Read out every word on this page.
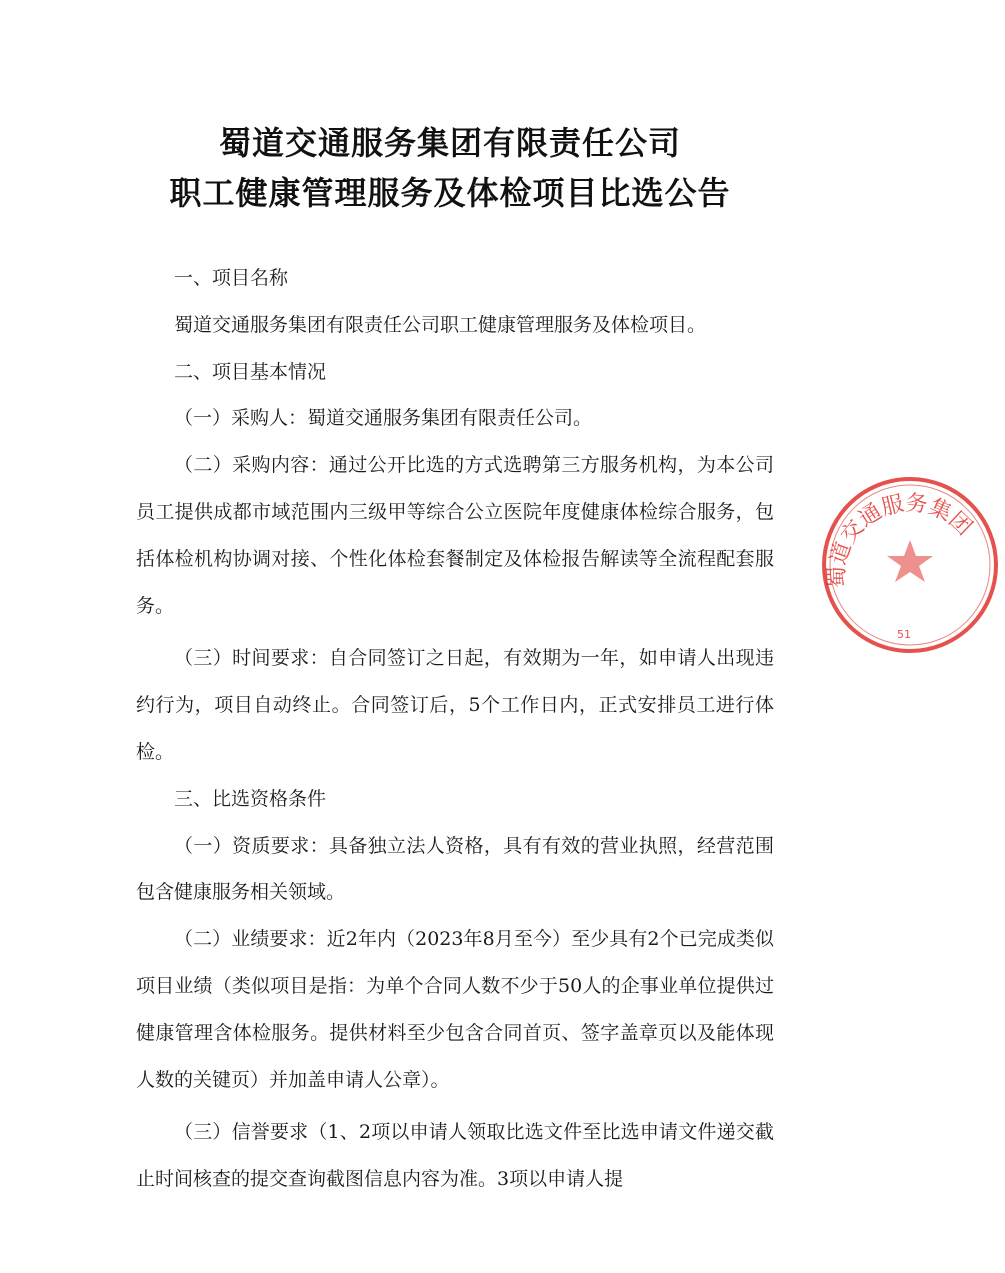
蜀道交通服务集团有限责任公司
职工健康管理服务及体检项目比选公告

一、项目名称

蜀道交通服务集团有限责任公司职工健康管理服务及体检项目。

二、项目基本情况

（一）采购人：蜀道交通服务集团有限责任公司。

（二）采购内容：通过公开比选的方式选聘第三方服务机构，为本公司员工提供成都市域范围内三级甲等综合公立医院年度健康体检综合服务，包括体检机构协调对接、个性化体检套餐制定及体检报告解读等全流程配套服务。

（三）时间要求：自合同签订之日起，有效期为一年，如申请人出现违约行为，项目自动终止。合同签订后，5个工作日内，正式安排员工进行体检。

三、比选资格条件

（一）资质要求：具备独立法人资格，具有有效的营业执照，经营范围包含健康服务相关领域。

（二）业绩要求：近2年内（2023年8月至今）至少具有2个已完成类似项目业绩（类似项目是指：为单个合同人数不少于50人的企事业单位提供过健康管理含体检服务。提供材料至少包含合同首页、签字盖章页以及能体现人数的关键页）并加盖申请人公章）。

（三）信誉要求（1、2项以申请人领取比选文件至比选申请文件递交截止时间核查的提交查询截图信息内容为准。3项以申请人提

蜀道交通服务集团
51
